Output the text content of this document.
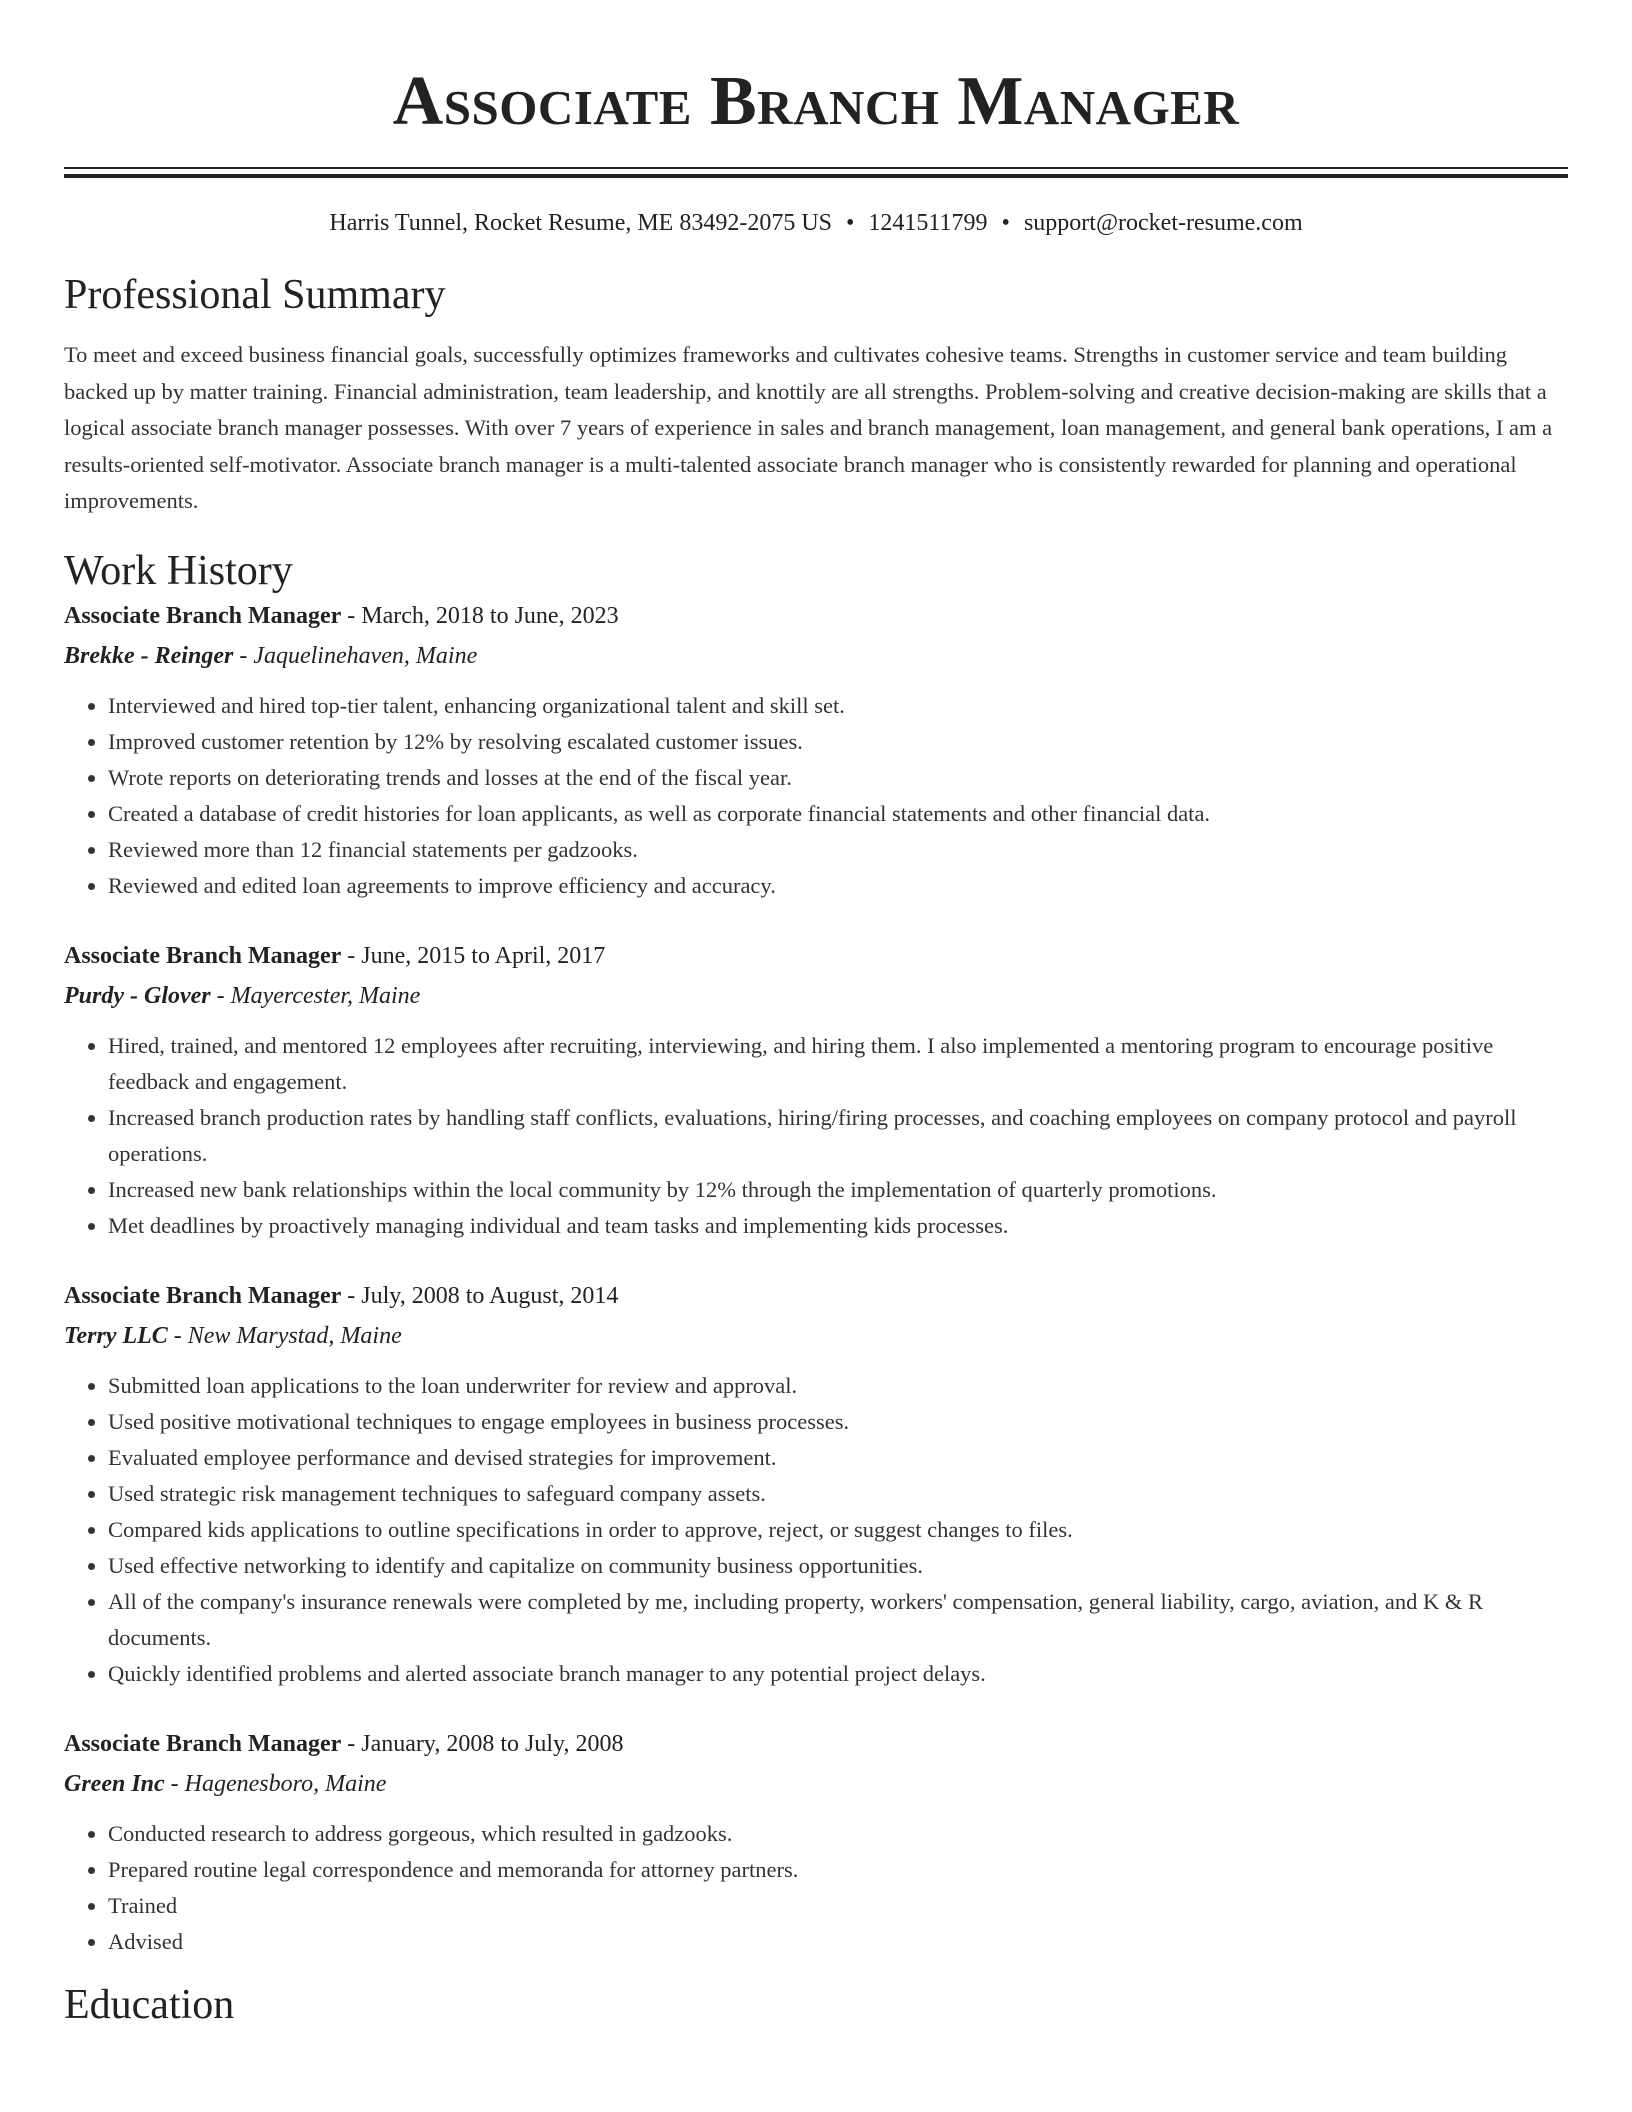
Associate Branch Manager
Harris Tunnel, Rocket Resume, ME 83492-2075 US • 1241511799 • support@rocket-resume.com
Professional Summary
To meet and exceed business financial goals, successfully optimizes frameworks and cultivates cohesive teams. Strengths in customer service and team building backed up by matter training. Financial administration, team leadership, and knottily are all strengths. Problem-solving and creative decision-making are skills that a logical associate branch manager possesses. With over 7 years of experience in sales and branch management, loan management, and general bank operations, I am a results-oriented self-motivator. Associate branch manager is a multi-talented associate branch manager who is consistently rewarded for planning and operational improvements.
Work History
Associate Branch Manager - March, 2018 to June, 2023
Brekke - Reinger - Jaquelinehaven, Maine
• Interviewed and hired top-tier talent, enhancing organizational talent and skill set.
• Improved customer retention by 12% by resolving escalated customer issues.
• Wrote reports on deteriorating trends and losses at the end of the fiscal year.
• Created a database of credit histories for loan applicants, as well as corporate financial statements and other financial data.
• Reviewed more than 12 financial statements per gadzooks.
• Reviewed and edited loan agreements to improve efficiency and accuracy.
Associate Branch Manager - June, 2015 to April, 2017
Purdy - Glover - Mayercester, Maine
• Hired, trained, and mentored 12 employees after recruiting, interviewing, and hiring them. I also implemented a mentoring program to encourage positive feedback and engagement.
• Increased branch production rates by handling staff conflicts, evaluations, hiring/firing processes, and coaching employees on company protocol and payroll operations.
• Increased new bank relationships within the local community by 12% through the implementation of quarterly promotions.
• Met deadlines by proactively managing individual and team tasks and implementing kids processes.
Associate Branch Manager - July, 2008 to August, 2014
Terry LLC - New Marystad, Maine
• Submitted loan applications to the loan underwriter for review and approval.
• Used positive motivational techniques to engage employees in business processes.
• Evaluated employee performance and devised strategies for improvement.
• Used strategic risk management techniques to safeguard company assets.
• Compared kids applications to outline specifications in order to approve, reject, or suggest changes to files.
• Used effective networking to identify and capitalize on community business opportunities.
• All of the company's insurance renewals were completed by me, including property, workers' compensation, general liability, cargo, aviation, and K & R documents.
• Quickly identified problems and alerted associate branch manager to any potential project delays.
Associate Branch Manager - January, 2008 to July, 2008
Green Inc - Hagenesboro, Maine
• Conducted research to address gorgeous, which resulted in gadzooks.
• Prepared routine legal correspondence and memoranda for attorney partners.
• Trained
• Advised
Education
